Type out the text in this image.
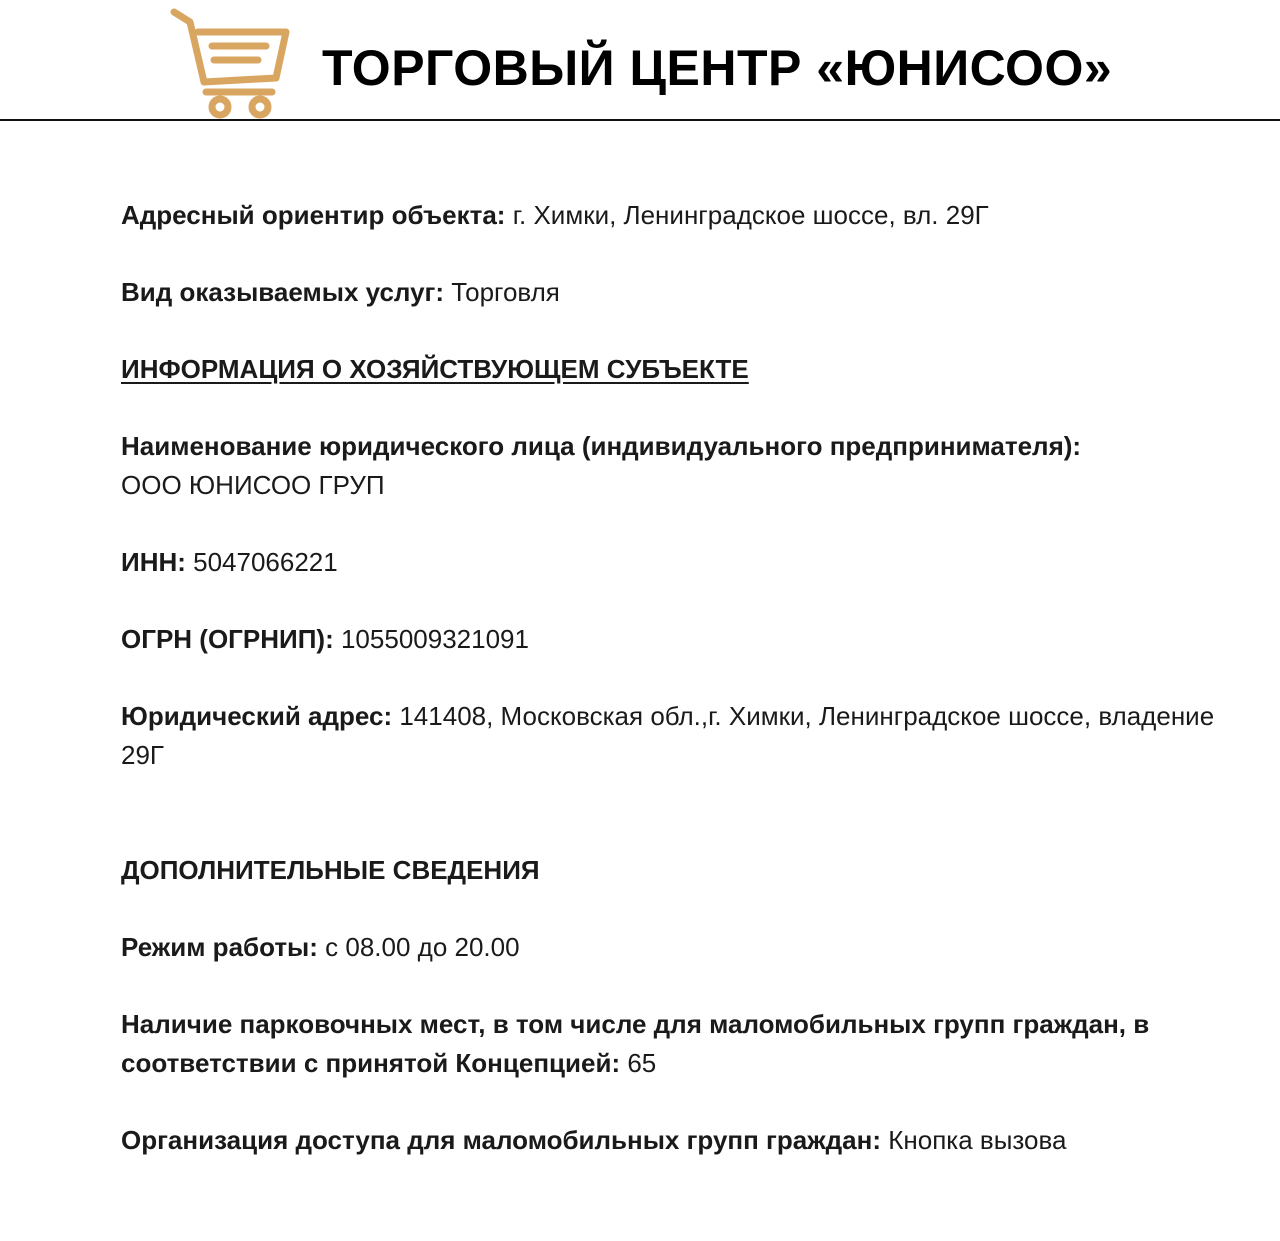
ТОРГОВЫЙ ЦЕНТР «ЮНИСОО»

Адресный ориентир объекта: г. Химки, Ленинградское шоссе, вл. 29Г

Вид оказываемых услуг: Торговля

ИНФОРМАЦИЯ О ХОЗЯЙСТВУЮЩЕМ СУБЪЕКТЕ

Наименование юридического лица (индивидуального предпринимателя):
ООО ЮНИСОО ГРУП

ИНН: 5047066221

ОГРН (ОГРНИП): 1055009321091

Юридический адрес: 141408, Московская обл.,г. Химки, Ленинградское шоссе, владение 29Г

ДОПОЛНИТЕЛЬНЫЕ СВЕДЕНИЯ

Режим работы: с 08.00 до 20.00

Наличие парковочных мест, в том числе для маломобильных групп граждан, в соответствии с принятой Концепцией: 65

Организация доступа для маломобильных групп граждан: Кнопка вызова
